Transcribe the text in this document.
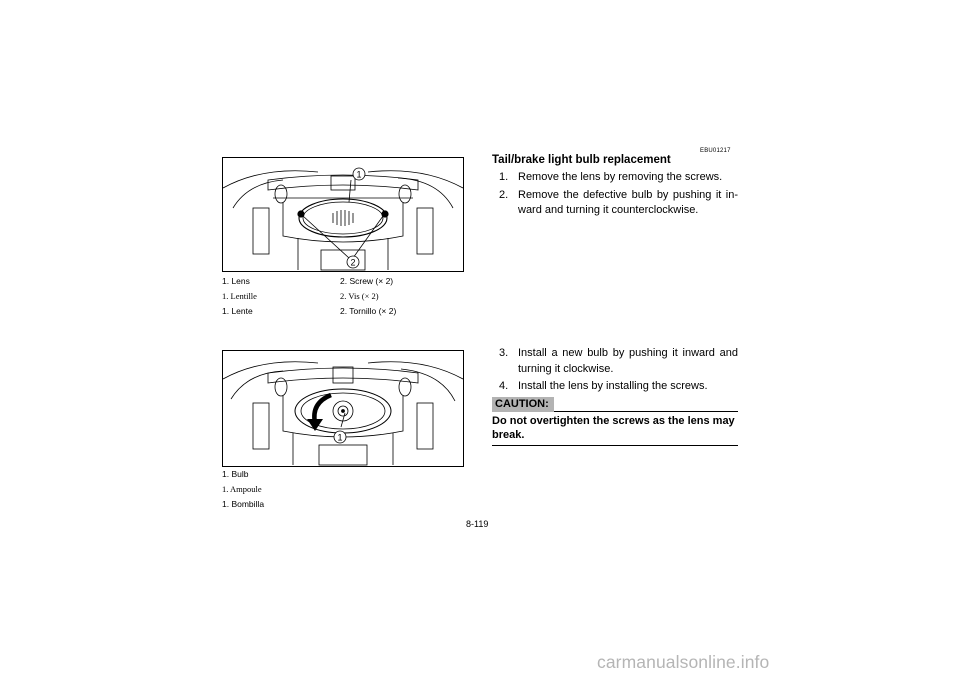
1
2
1. Lens	2. Screw (× 2)
1. Lentille	2. Vis (× 2)
1. Lente	2. Tornillo (× 2)
1
1. Bulb
1. Ampoule
1. Bombilla
EBU01217
Tail/brake light bulb replacement
1. Remove the lens by removing the screws.
2. Remove the defective bulb by pushing it in-ward and turning it counterclockwise.
3. Install a new bulb by pushing it inward and turning it clockwise.
4. Install the lens by installing the screws.
CAUTION:
Do not overtighten the screws as the lens may break.
8-119
carmanualsonline.info
